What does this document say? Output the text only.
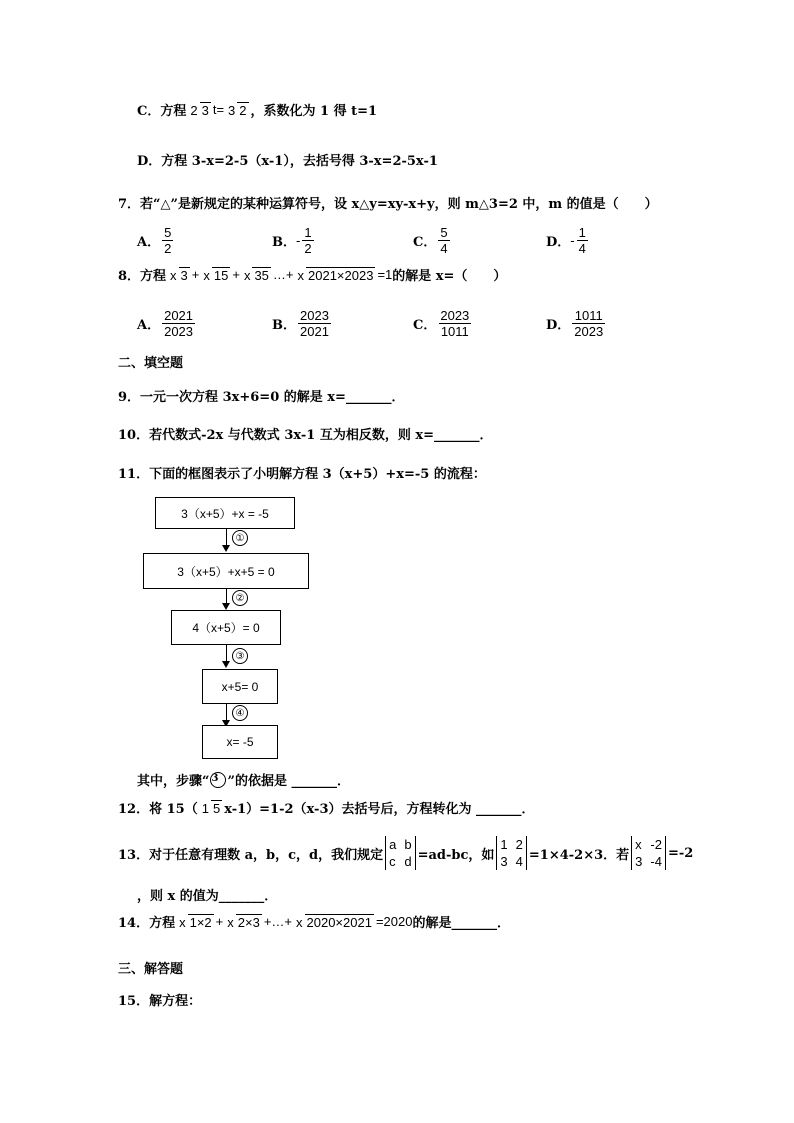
C．方程 2 3 t= 3 2 ，系数化为 1 得 t=1
D．方程 3-x=2-5（x-1），去括号得 3-x=2-5x-1
7．若“△”是新规定的某种运算符号，设 x△y=xy-x+y，则 m△3=2 中，m 的值是（　　）
A． $\frac{5}{2}$	B． - $\frac{1}{2}$	C． $\frac{5}{4}$	D． - $\frac{1}{4}$
8．方程 x 3 + x 15 + x 35 …+ x 2021×2023 =1 的解是 x=（　　）
A． $\frac{2021}{2023}$	B． $\frac{2023}{2021}$	C． $\frac{2023}{1011}$	D． $\frac{1011}{2023}$
二、填空题
9．一元一次方程 3x+6=0 的解是 x=_______．
10．若代数式-2x 与代数式 3x-1 互为相反数，则 x=_______．
11．下面的框图表示了小明解方程 3（x+5）+x=-5 的流程：
3（x+5）+x = -5
①
3（x+5）+x+5 = 0
②
4（x+5）= 0
③
x+5= 0
④
x= -5
其中，步骤“ 3 ”的依据是 _______．
12．将 15（ 1 5 x-1）=1-2（x-3）去括号后，方程转化为 _______．
13．对于任意有理数 a，b，c，d，我们规定
a b
c d =ad-bc，如
1 2
3 4 =1×4-2×3．若
x -2
3 -4
=-2
，则 x 的值为_______．
14．方程 x 1×2 + x 2×3 +…+ x 2020×2021 =2020 的解是_______．
三、解答题
15．解方程：
